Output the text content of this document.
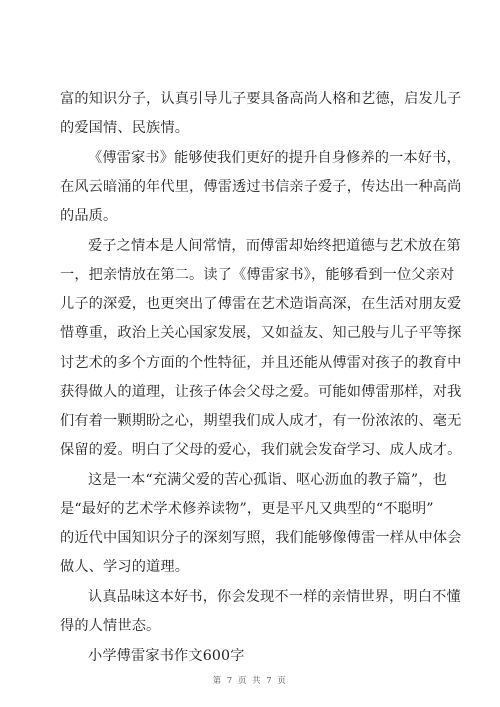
富的知识分子，认真引导儿子要具备高尚人格和艺德，启发儿子
的爱国情、民族情。
《傅雷家书》能够使我们更好的提升自身修养的一本好书，
在风云暗涌的年代里，傅雷透过书信亲子爱子，传达出一种高尚
的品质。
爱子之情本是人间常情，而傅雷却始终把道德与艺术放在第
一，把亲情放在第二。读了《傅雷家书》，能够看到一位父亲对
儿子的深爱，也更突出了傅雷在艺术造诣高深，在生活对朋友爱
惜尊重，政治上关心国家发展，又如益友、知己般与儿子平等探
讨艺术的多个方面的个性特征，并且还能从傅雷对孩子的教育中
获得做人的道理，让孩子体会父母之爱。可能如傅雷那样，对我
们有着一颗期盼之心，期望我们成人成才，有一份浓浓的、毫无
保留的爱。明白了父母的爱心，我们就会发奋学习、成人成才。
这是一本“充满父爱的苦心孤诣、呕心沥血的教子篇”，也
是“最好的艺术学术修养读物”，更是平凡又典型的“不聪明”
的近代中国知识分子的深刻写照，我们能够像傅雷一样从中体会
做人、学习的道理。
认真品味这本好书，你会发现不一样的亲情世界，明白不懂
得的人情世态。
小学傅雷家书作文600字
第 7 页 共 7 页
